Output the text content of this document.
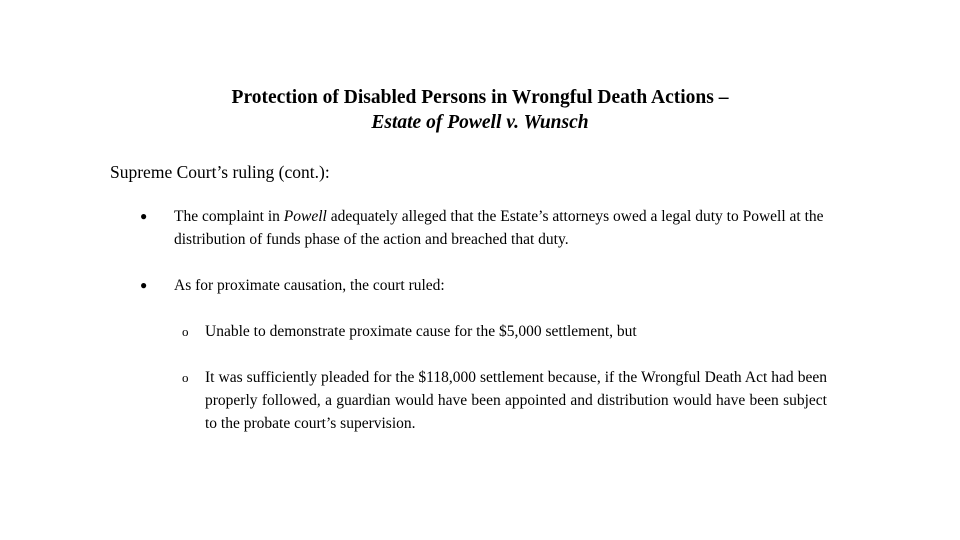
Protection of Disabled Persons in Wrongful Death Actions –
Estate of Powell v. Wunsch
Supreme Court’s ruling (cont.):
●	The complaint in Powell adequately alleged that the Estate’s attorneys owed a legal duty to Powell at the distribution of funds phase of the action and breached that duty.
●	As for proximate causation, the court ruled:
o Unable to demonstrate proximate cause for the $5,000 settlement, but
o It was sufficiently pleaded for the $118,000 settlement because, if the Wrongful Death Act had been properly followed, a guardian would have been appointed and distribution would have been subject to the probate court’s supervision.
